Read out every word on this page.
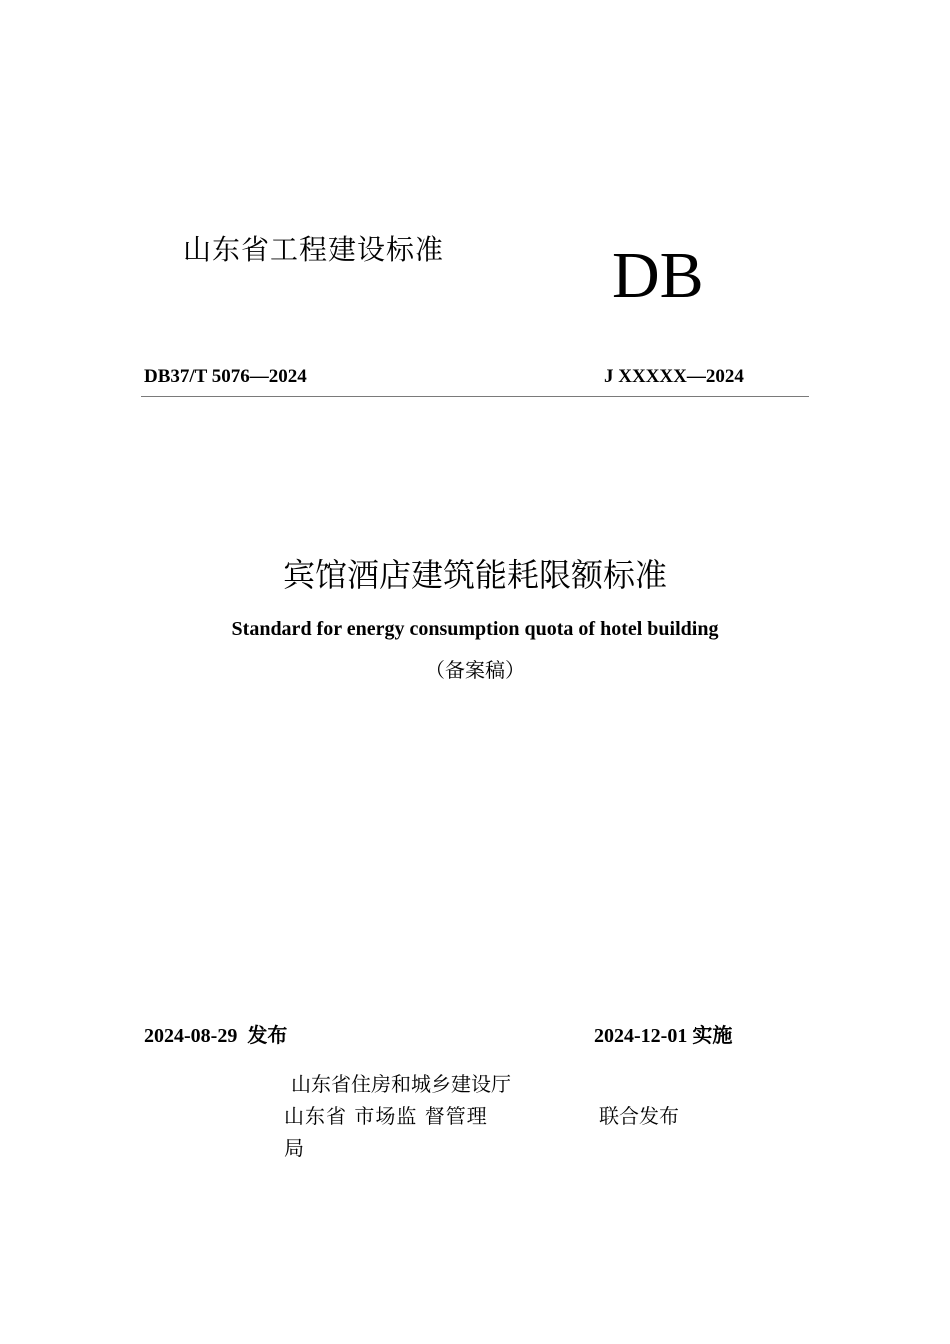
山东省工程建设标准	DB
DB37/T 5076—2024	J XXXXX—2024
宾馆酒店建筑能耗限额标准
Standard for energy consumption quota of hotel building
（备案稿）
2024-08-29 发布	2024-12-01 实施
山东省住房和城乡建设厅
山东省 市场监 督管理
局
联合发布
